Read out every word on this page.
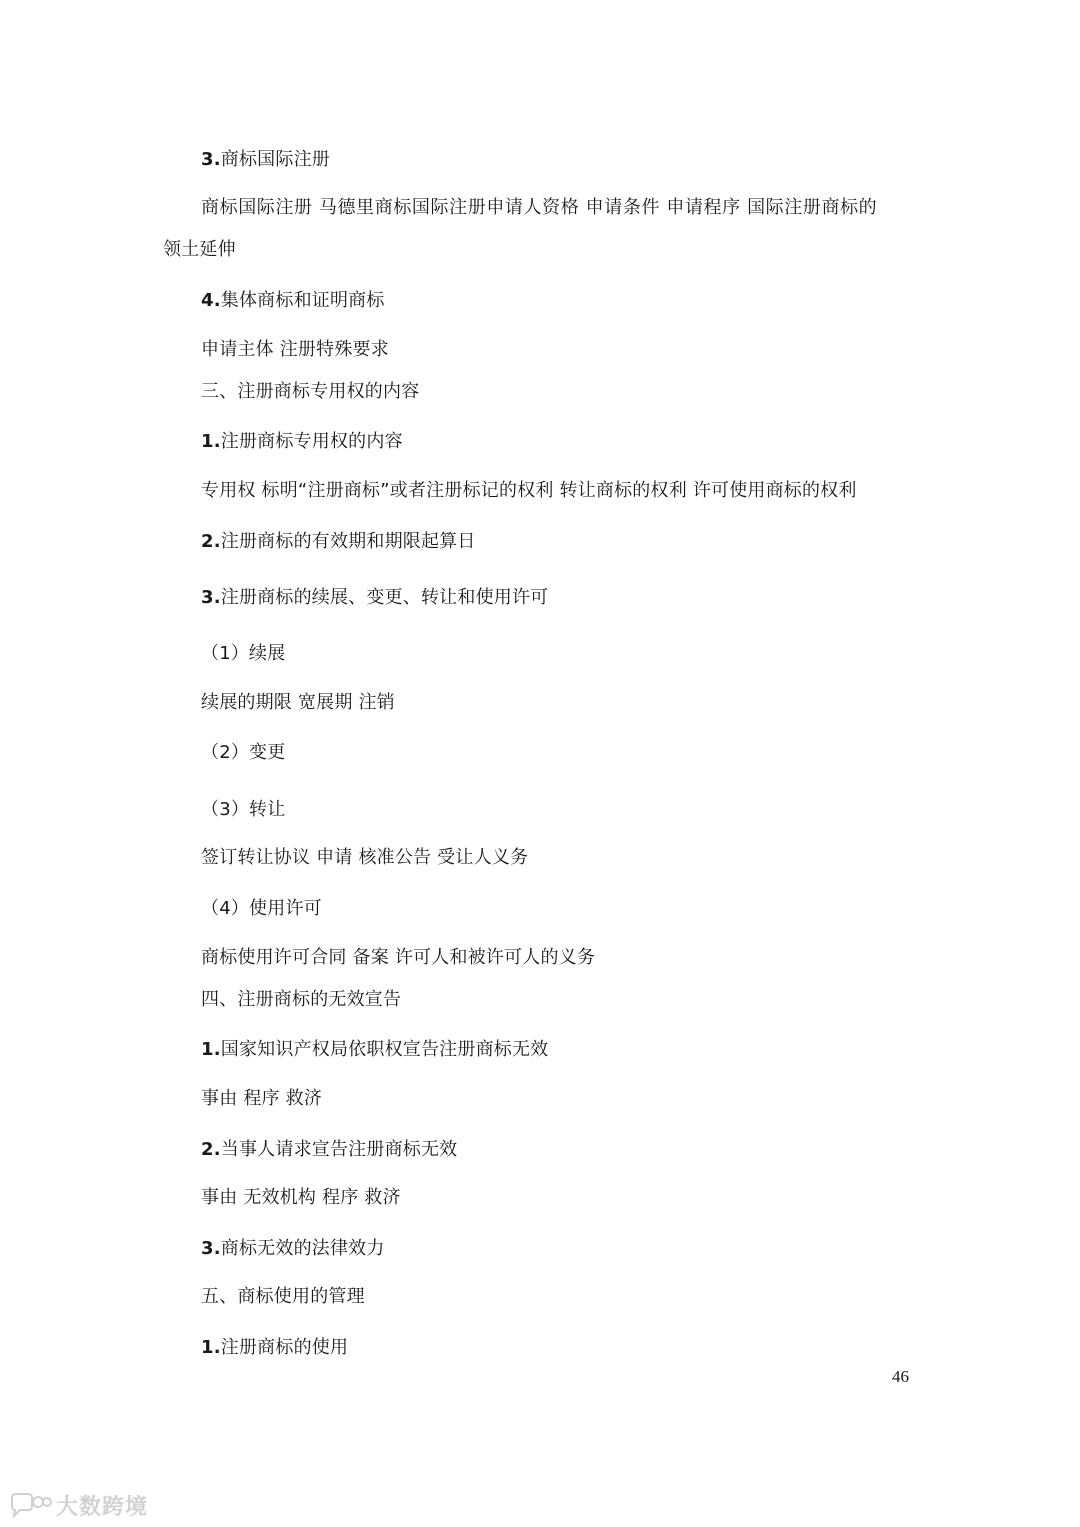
3.商标国际注册
商标国际注册 马德里商标国际注册申请人资格 申请条件 申请程序 国际注册商标的
领土延伸
4.集体商标和证明商标
申请主体 注册特殊要求
三、注册商标专用权的内容
1.注册商标专用权的内容
专用权 标明“注册商标”或者注册标记的权利 转让商标的权利 许可使用商标的权利
2.注册商标的有效期和期限起算日
3.注册商标的续展、变更、转让和使用许可
（1）续展
续展的期限 宽展期 注销
（2）变更
（3）转让
签订转让协议 申请 核准公告 受让人义务
（4）使用许可
商标使用许可合同 备案 许可人和被许可人的义务
四、注册商标的无效宣告
1.国家知识产权局依职权宣告注册商标无效
事由 程序 救济
2.当事人请求宣告注册商标无效
事由 无效机构 程序 救济
3.商标无效的法律效力
五、商标使用的管理
1.注册商标的使用
46
大数跨境
